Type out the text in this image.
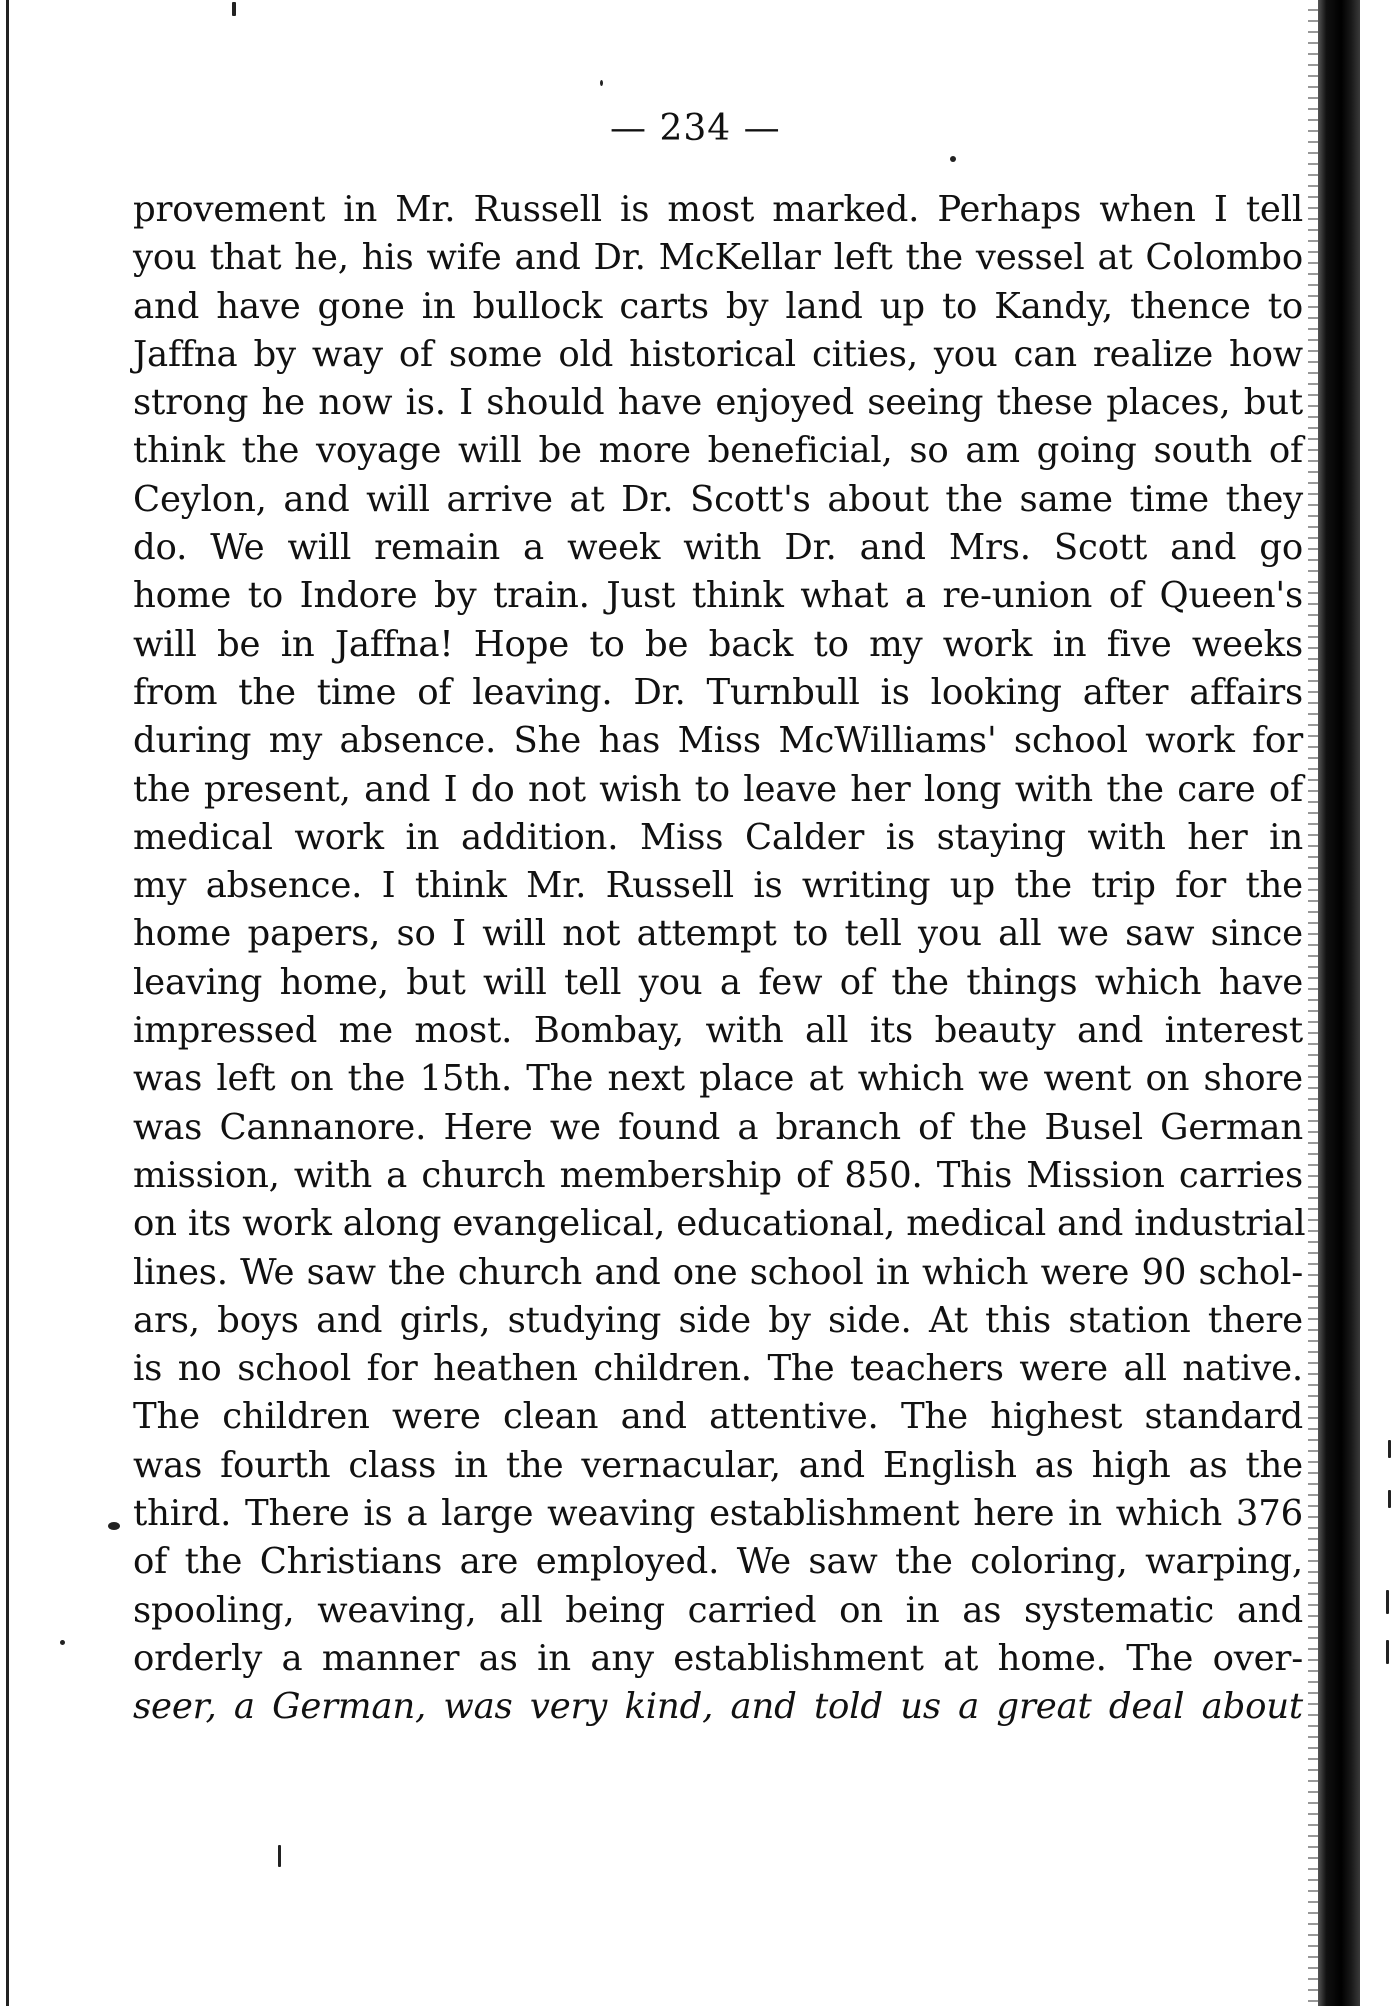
— 234 —
provement in Mr. Russell is most marked. Perhaps when I tell
you that he, his wife and Dr. McKellar left the vessel at Colombo
and have gone in bullock carts by land up to Kandy, thence to
Jaffna by way of some old historical cities, you can realize how
strong he now is. I should have enjoyed seeing these places, but
think the voyage will be more beneficial, so am going south of
Ceylon, and will arrive at Dr. Scott's about the same time they
do. We will remain a week with Dr. and Mrs. Scott and go
home to Indore by train. Just think what a re-union of Queen's
will be in Jaffna! Hope to be back to my work in five weeks
from the time of leaving. Dr. Turnbull is looking after affairs
during my absence. She has Miss McWilliams' school work for
the present, and I do not wish to leave her long with the care of
medical work in addition. Miss Calder is staying with her in
my absence. I think Mr. Russell is writing up the trip for the
home papers, so I will not attempt to tell you all we saw since
leaving home, but will tell you a few of the things which have
impressed me most. Bombay, with all its beauty and interest
was left on the 15th. The next place at which we went on shore
was Cannanore. Here we found a branch of the Busel German
mission, with a church membership of 850. This Mission carries
on its work along evangelical, educational, medical and industrial
lines. We saw the church and one school in which were 90 schol-
ars, boys and girls, studying side by side. At this station there
is no school for heathen children. The teachers were all native.
The children were clean and attentive. The highest standard
was fourth class in the vernacular, and English as high as the
third. There is a large weaving establishment here in which 376
of the Christians are employed. We saw the coloring, warping,
spooling, weaving, all being carried on in as systematic and
orderly a manner as in any establishment at home. The over-
seer, a German, was very kind, and told us a great deal about
